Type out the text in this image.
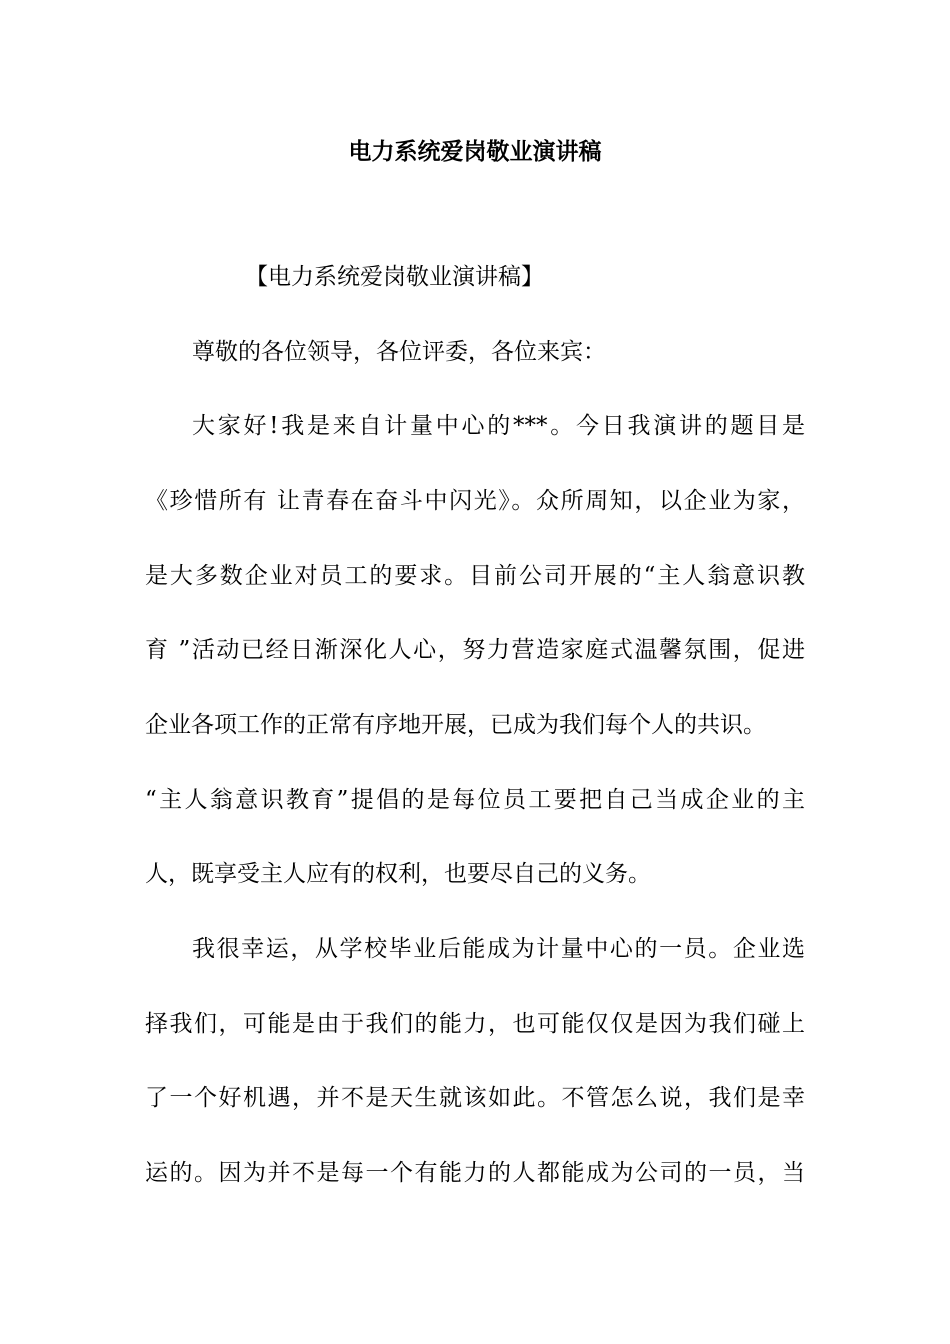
电力系统爱岗敬业演讲稿
【电力系统爱岗敬业演讲稿】
尊敬的各位领导，各位评委，各位来宾：
大家好!我是来自计量中心的***。今日我演讲的题目是
《珍惜所有 让青春在奋斗中闪光》。众所周知，以企业为家，
是大多数企业对员工的要求。目前公司开展的“主人翁意识教
育 ”活动已经日渐深化人心，努力营造家庭式温馨氛围，促进
企业各项工作的正常有序地开展，已成为我们每个人的共识。
“主人翁意识教育”提倡的是每位员工要把自己当成企业的主
人，既享受主人应有的权利，也要尽自己的义务。
我很幸运，从学校毕业后能成为计量中心的一员。企业选
择我们，可能是由于我们的能力，也可能仅仅是因为我们碰上
了一个好机遇，并不是天生就该如此。不管怎么说，我们是幸
运的。因为并不是每一个有能力的人都能成为公司的一员，当
